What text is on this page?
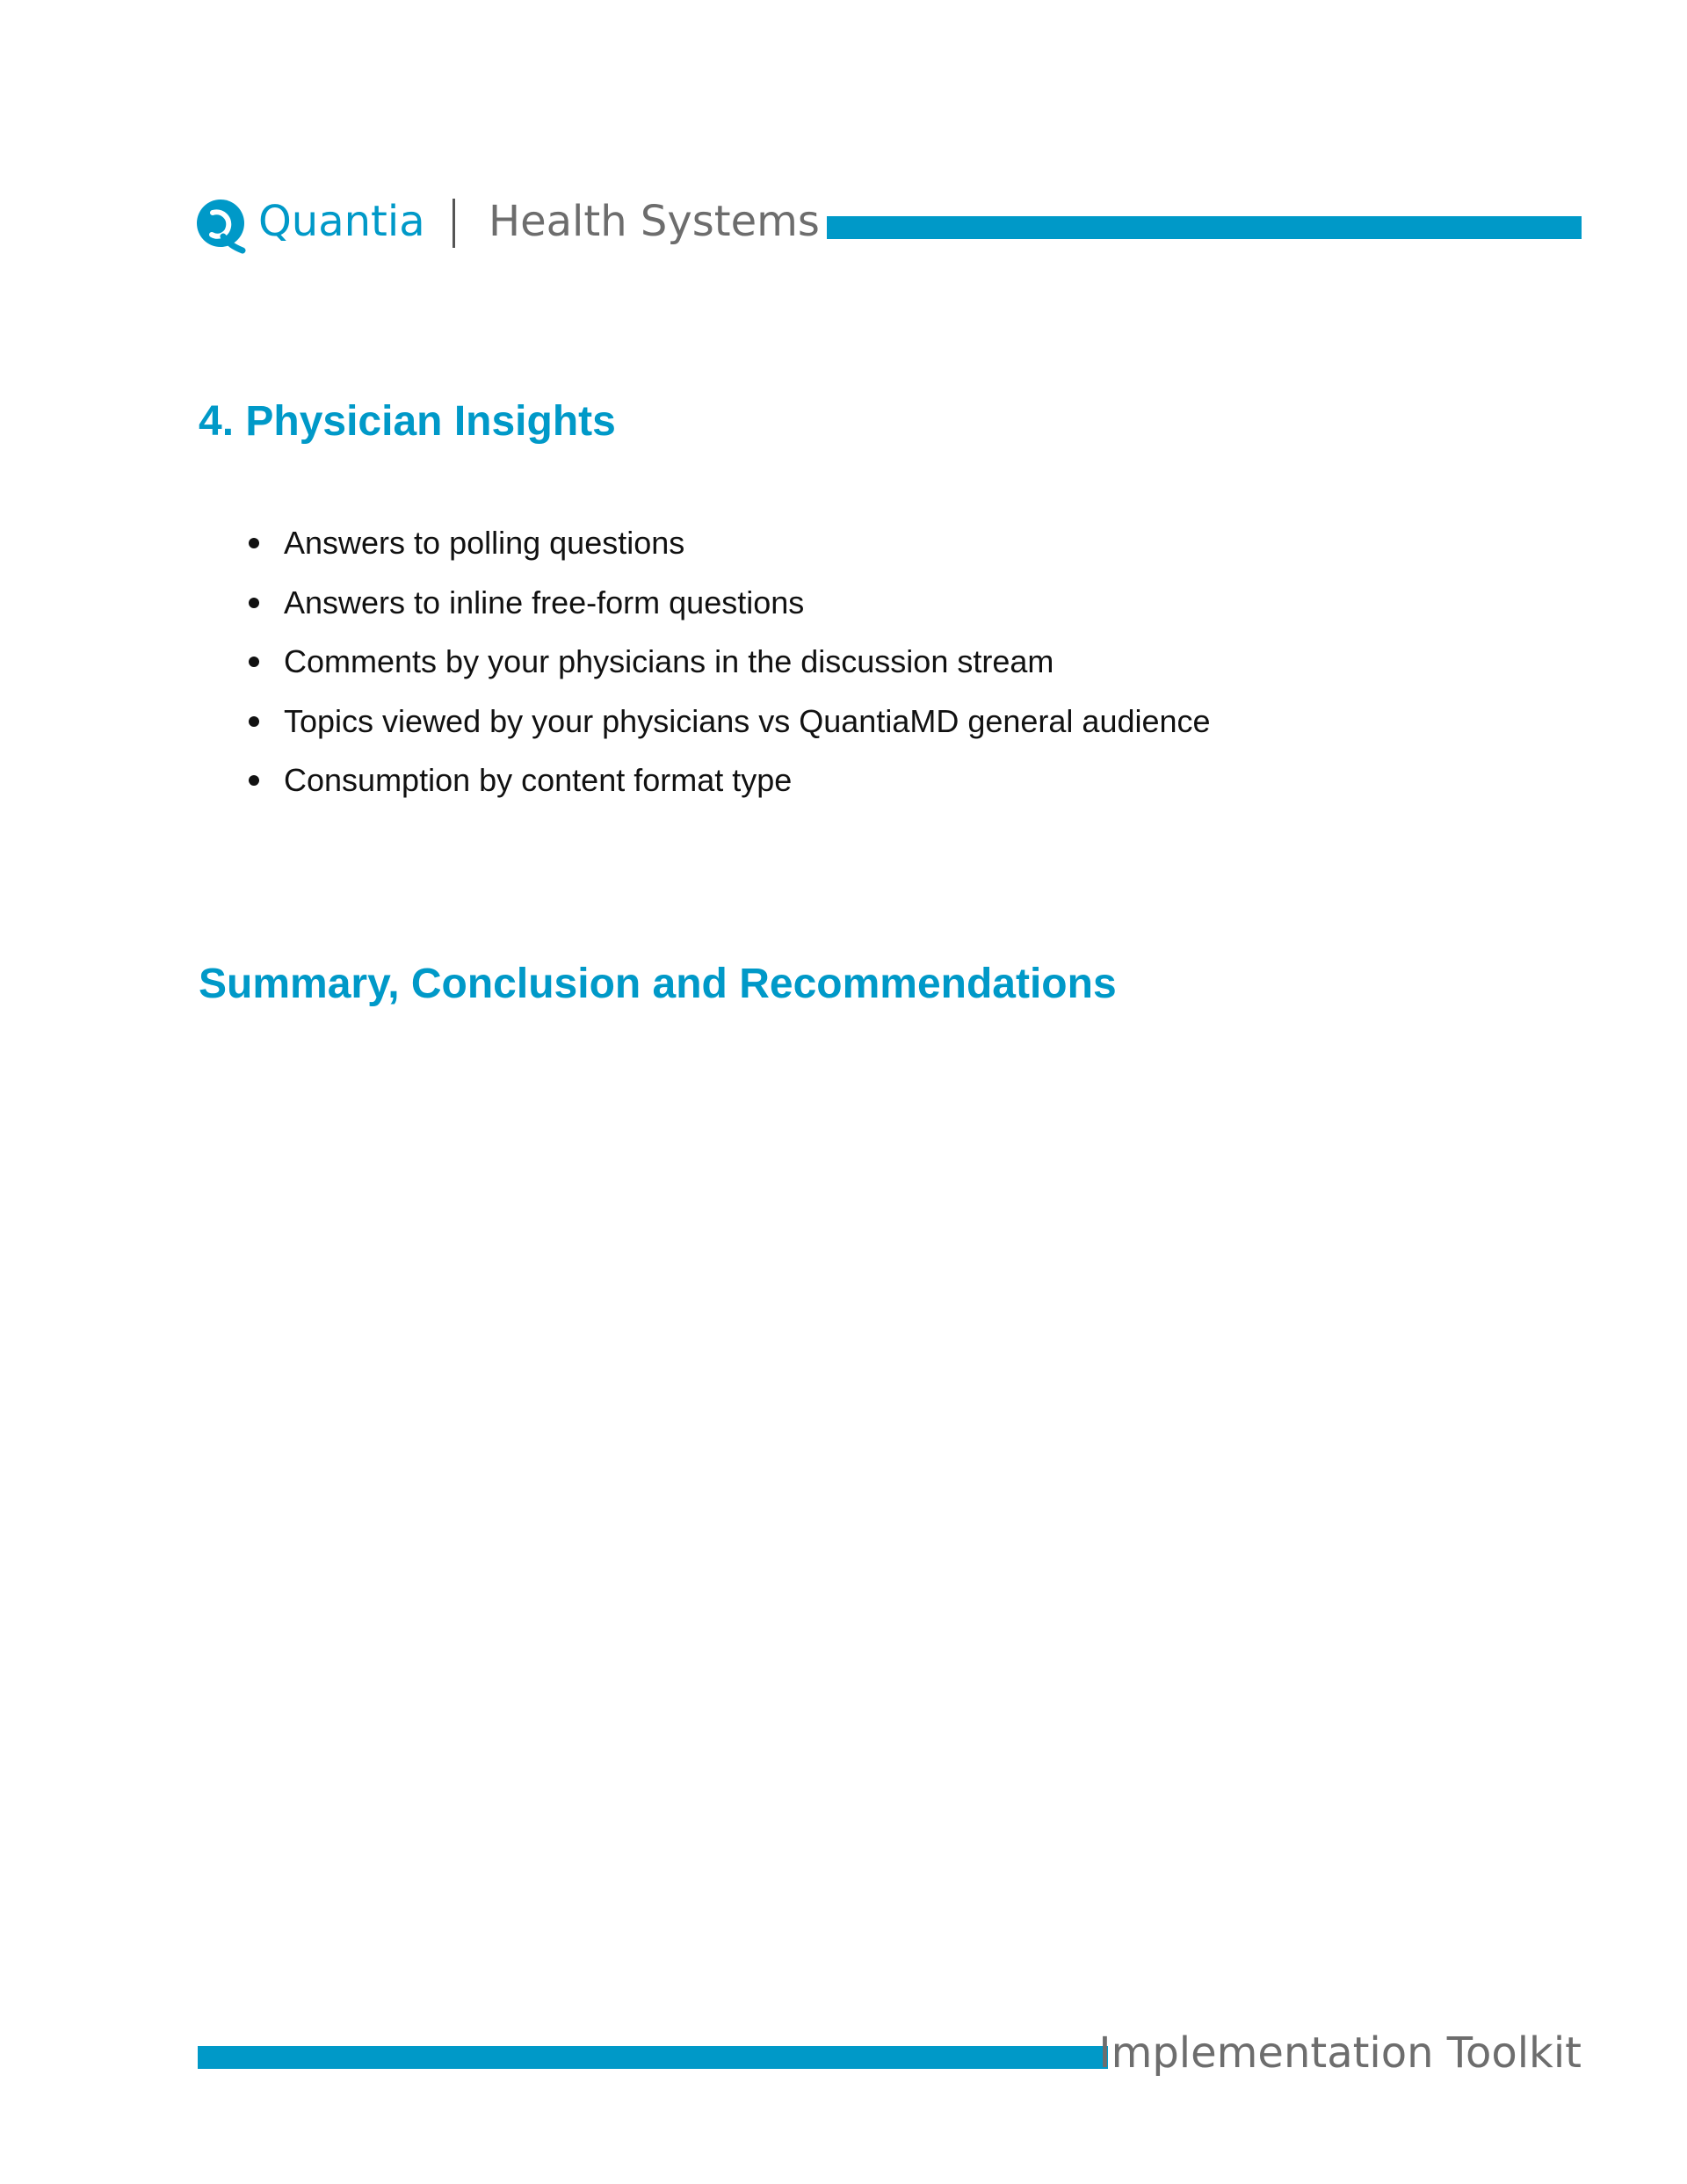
Quantia Health Systems
4. Physician Insights
Answers to polling questions
Answers to inline free-form questions
Comments by your physicians in the discussion stream
Topics viewed by your physicians vs QuantiaMD general audience
Consumption by content format type
Summary, Conclusion and Recommendations
Implementation Toolkit
